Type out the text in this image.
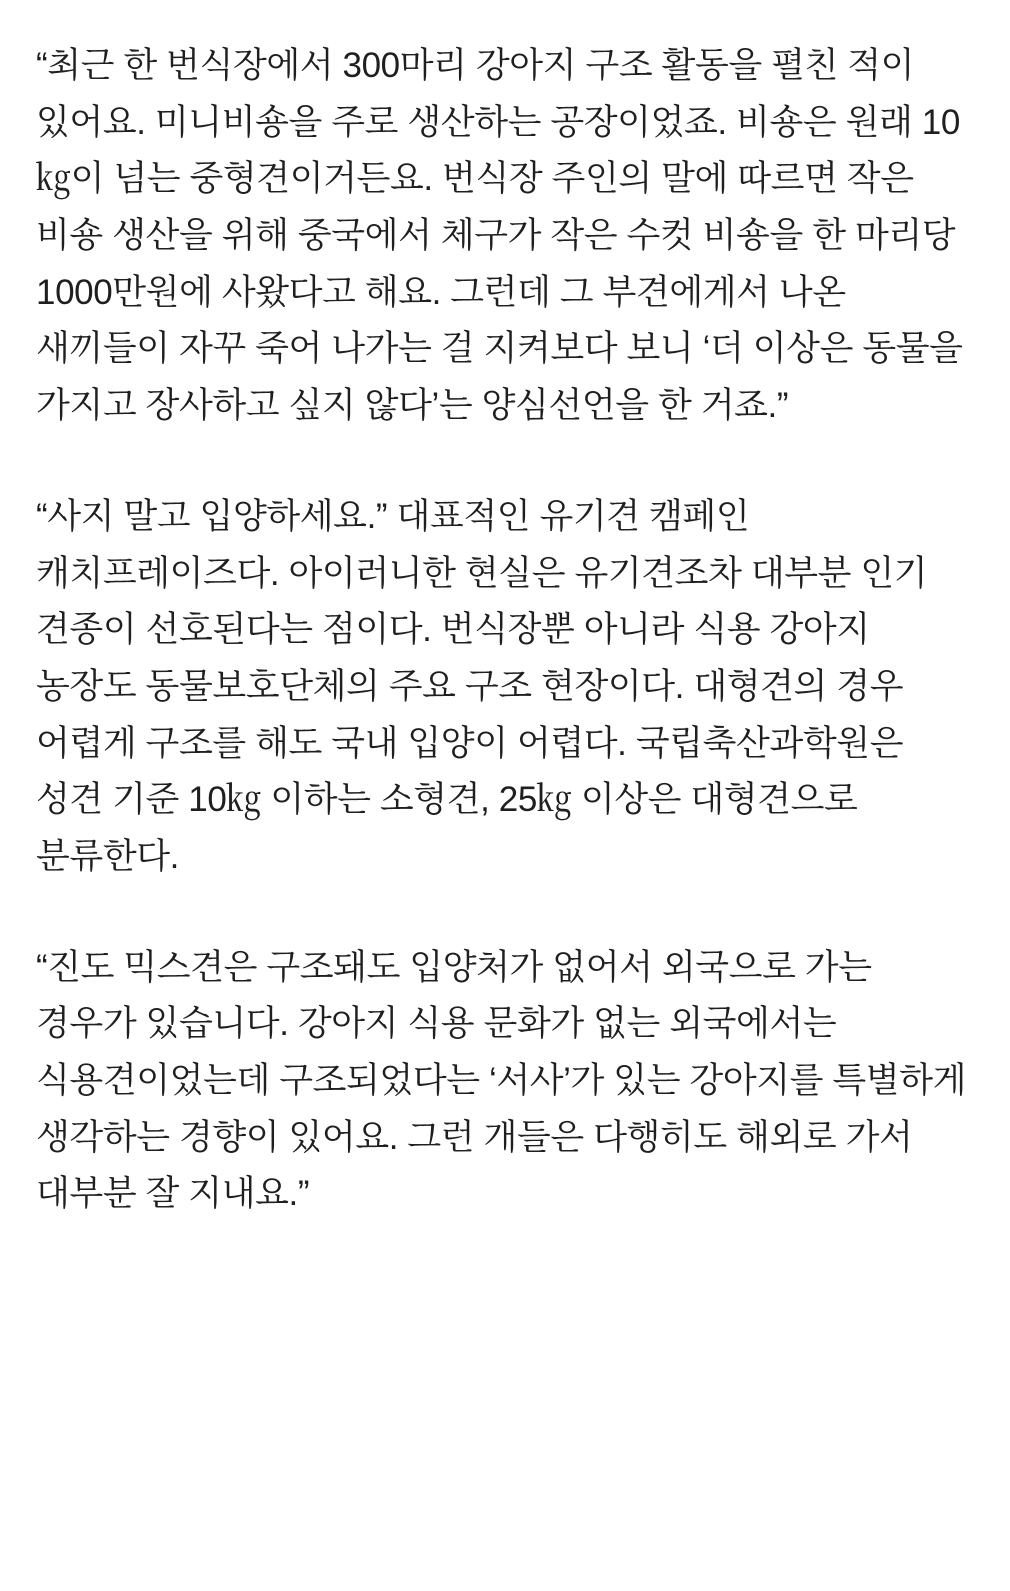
“최근 한 번식장에서 300마리 강아지 구조 활동을 펼친 적이 있어요. 미니비숑을 주로 생산하는 공장이었죠. 비숑은 원래 10㎏이 넘는 중형견이거든요. 번식장 주인의 말에 따르면 작은 비숑 생산을 위해 중국에서 체구가 작은 수컷 비숑을 한 마리당 1000만원에 사왔다고 해요. 그런데 그 부견에게서 나온 새끼들이 자꾸 죽어 나가는 걸 지켜보다 보니 ‘더 이상은 동물을 가지고 장사하고 싶지 않다’는 양심선언을 한 거죠.”

“사지 말고 입양하세요.” 대표적인 유기견 캠페인 캐치프레이즈다. 아이러니한 현실은 유기견조차 대부분 인기 견종이 선호된다는 점이다. 번식장뿐 아니라 식용 강아지 농장도 동물보호단체의 주요 구조 현장이다. 대형견의 경우 어렵게 구조를 해도 국내 입양이 어렵다. 국립축산과학원은 성견 기준 10㎏ 이하는 소형견, 25㎏ 이상은 대형견으로 분류한다.

“진도 믹스견은 구조돼도 입양처가 없어서 외국으로 가는 경우가 있습니다. 강아지 식용 문화가 없는 외국에서는 식용견이었는데 구조되었다는 ‘서사’가 있는 강아지를 특별하게 생각하는 경향이 있어요. 그런 개들은 다행히도 해외로 가서 대부분 잘 지내요.”
